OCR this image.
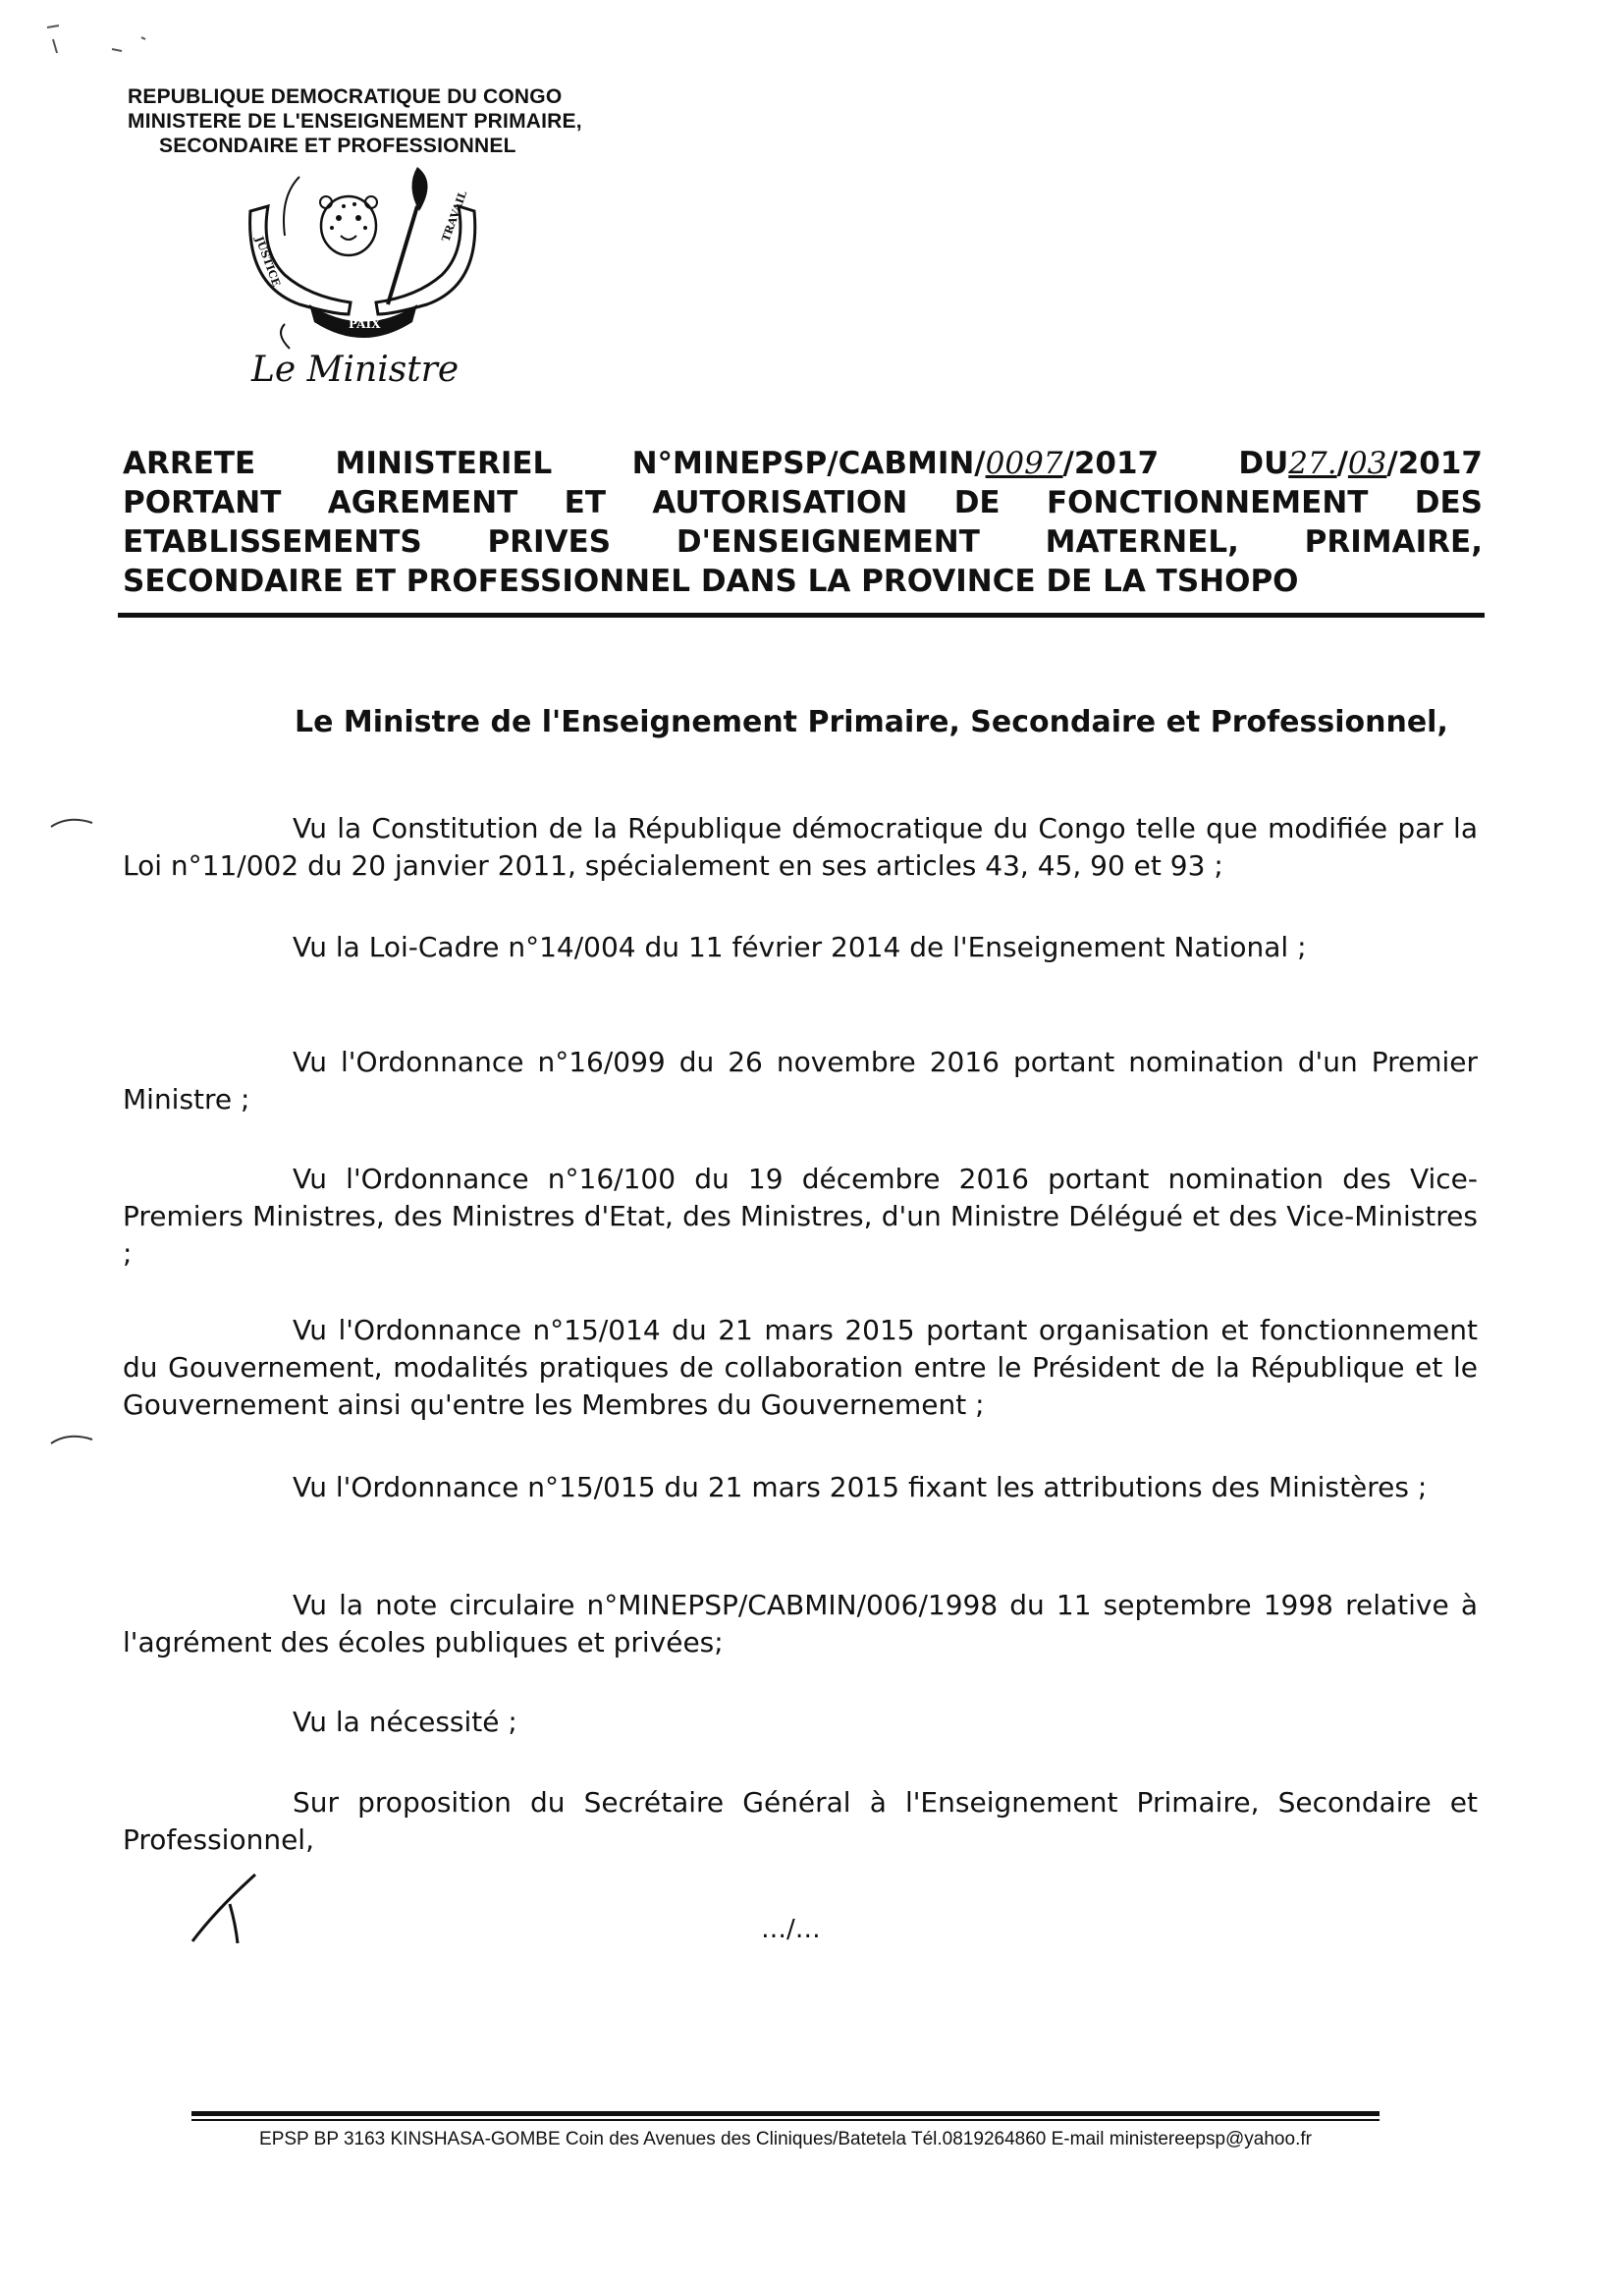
REPUBLIQUE DEMOCRATIQUE DU CONGO
MINISTERE DE L'ENSEIGNEMENT PRIMAIRE,
SECONDAIRE ET PROFESSIONNEL
JUSTICE
PAIX
TRAVAIL
Le Ministre
ARRETE	MINISTERIEL	N°MINEPSP/CABMIN/0097/2017	DU27./03/2017
PORTANT AGREMENT ET AUTORISATION DE FONCTIONNEMENT DES
ETABLISSEMENTS PRIVES D'ENSEIGNEMENT MATERNEL, PRIMAIRE,
SECONDAIRE ET PROFESSIONNEL DANS LA PROVINCE DE LA TSHOPO
Le Ministre de l'Enseignement Primaire, Secondaire et Professionnel,
Vu la Constitution de la République démocratique du Congo telle que modifiée par la Loi n°11/002 du 20 janvier 2011, spécialement en ses articles 43, 45, 90 et 93 ;
Vu la Loi-Cadre n°14/004 du 11 février 2014 de l'Enseignement National ;
Vu l'Ordonnance n°16/099 du 26 novembre 2016 portant nomination d'un Premier Ministre ;
Vu l'Ordonnance n°16/100 du 19 décembre 2016 portant nomination des Vice-Premiers Ministres, des Ministres d'Etat, des Ministres, d'un Ministre Délégué et des Vice-Ministres ;
Vu l'Ordonnance n°15/014 du 21 mars 2015 portant organisation et fonctionnement du Gouvernement, modalités pratiques de collaboration entre le Président de la République et le Gouvernement ainsi qu'entre les Membres du Gouvernement ;
Vu l'Ordonnance n°15/015 du 21 mars 2015 fixant les attributions des Ministères ;
Vu la note circulaire n°MINEPSP/CABMIN/006/1998 du 11 septembre 1998 relative à l'agrément des écoles publiques et privées;
Vu la nécessité ;
Sur proposition du Secrétaire Général à l'Enseignement Primaire, Secondaire et Professionnel,
…/…
EPSP BP 3163 KINSHASA-GOMBE Coin des Avenues des Cliniques/Batetela Tél.0819264860 E-mail ministereepsp@yahoo.fr
